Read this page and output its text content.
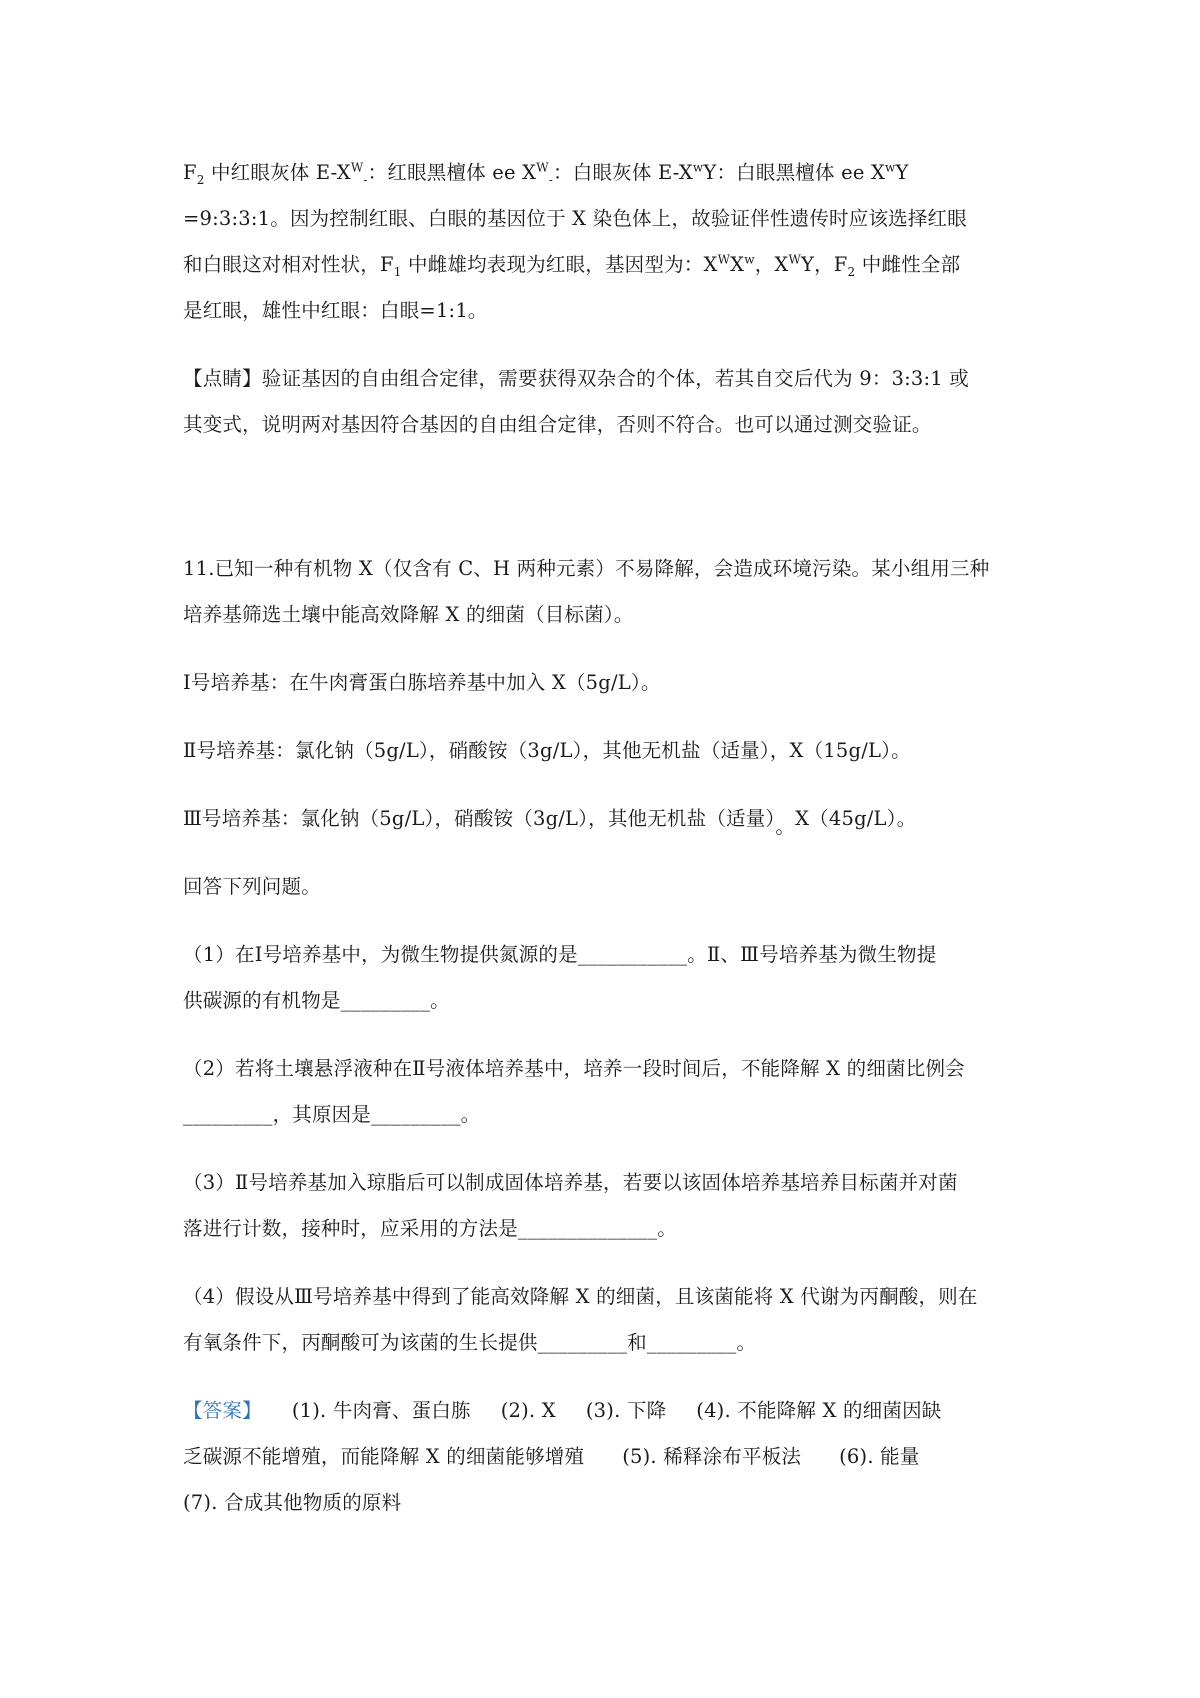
$F_2$ 中红眼灰体 $E-X^W_-$：红眼黑檀体 ee $X^W_-$：白眼灰体 $E-X^wY$：白眼黑檀体 ee $X^wY$
=9:3:3:1。因为控制红眼、白眼的基因位于 X 染色体上，故验证伴性遗传时应该选择红眼
和白眼这对相对性状，$F_1$ 中雌雄均表现为红眼，基因型为：$X^WX^w$，$X^WY$，$F_2$ 中雌性全部
是红眼，雄性中红眼：白眼=1:1。
【点睛】验证基因的自由组合定律，需要获得双杂合的个体，若其自交后代为 9：3:3:1 或
其变式，说明两对基因符合基因的自由组合定律，否则不符合。也可以通过测交验证。
11.已知一种有机物 X（仅含有 C、H 两种元素）不易降解，会造成环境污染。某小组用三种
培养基筛选土壤中能高效降解 X 的细菌（目标菌）。
Ⅰ号培养基：在牛肉膏蛋白胨培养基中加入 X（5g/L）。
Ⅱ号培养基：氯化钠（5g/L），硝酸铵（3g/L），其他无机盐（适量），X（15g/L）。
Ⅲ号培养基：氯化钠（5g/L），硝酸铵（3g/L），其他无机盐（适量）。X（45g/L）。
回答下列问题。
（1）在Ⅰ号培养基中，为微生物提供氮源的是___________。Ⅱ、Ⅲ号培养基为微生物提
供碳源的有机物是_________。
（2）若将土壤悬浮液种在Ⅱ号液体培养基中，培养一段时间后，不能降解 X 的细菌比例会
_________，其原因是_________。
（3）Ⅱ号培养基加入琼脂后可以制成固体培养基，若要以该固体培养基培养目标菌并对菌
落进行计数，接种时，应采用的方法是______________。
（4）假设从Ⅲ号培养基中得到了能高效降解 X 的细菌，且该菌能将 X 代谢为丙酮酸，则在
有氧条件下，丙酮酸可为该菌的生长提供_________和_________。
【答案】 (1). 牛肉膏、蛋白胨 (2). X (3). 下降 (4). 不能降解 X 的细菌因缺
乏碳源不能增殖，而能降解 X 的细菌能够增殖 (5). 稀释涂布平板法 (6). 能量
(7). 合成其他物质的原料
